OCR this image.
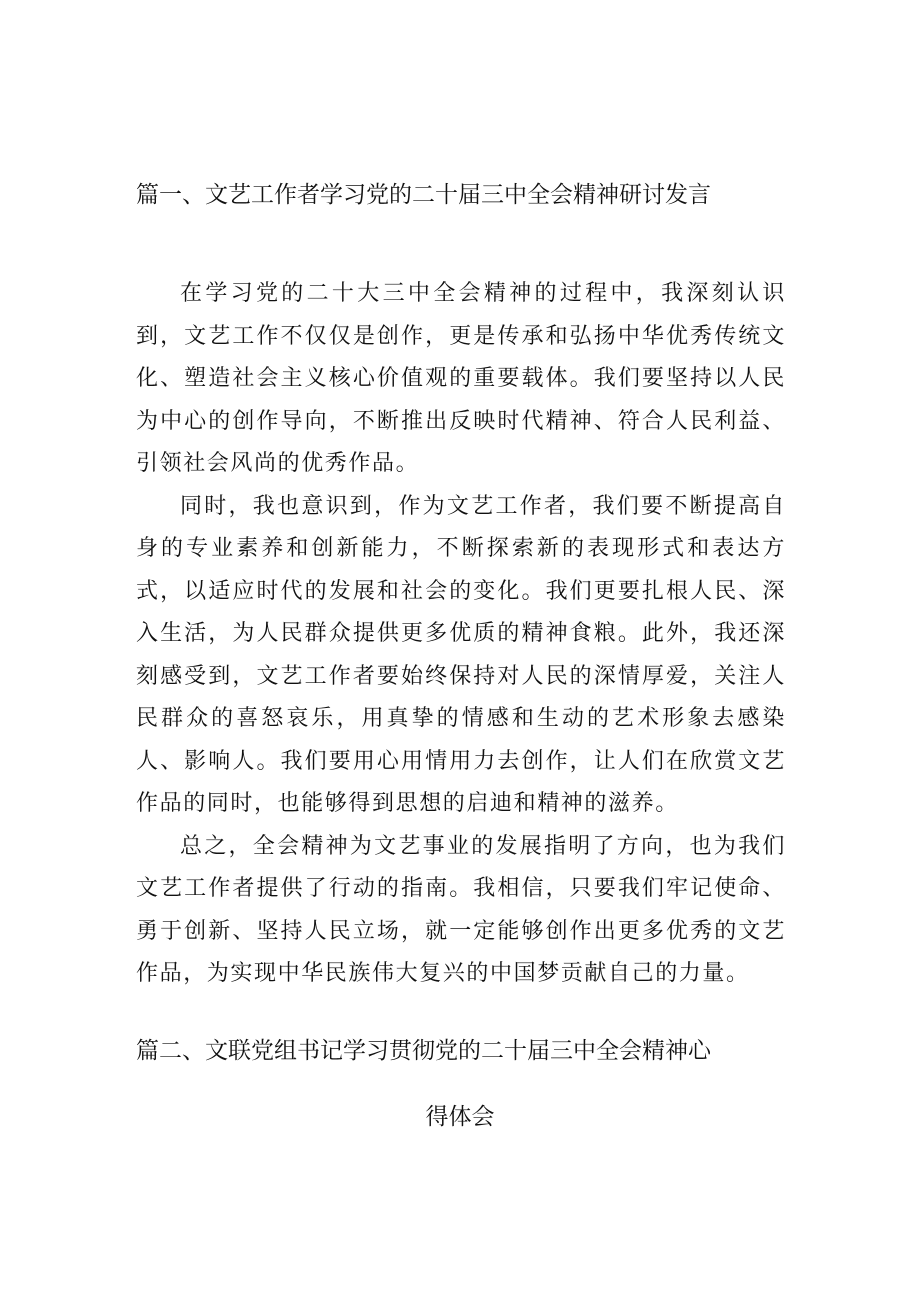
篇一、文艺工作者学习党的二十届三中全会精神研讨发言

在学习党的二十大三中全会精神的过程中，我深刻认识到，文艺工作不仅仅是创作，更是传承和弘扬中华优秀传统文化、塑造社会主义核心价值观的重要载体。我们要坚持以人民为中心的创作导向，不断推出反映时代精神、符合人民利益、引领社会风尚的优秀作品。

同时，我也意识到，作为文艺工作者，我们要不断提高自身的专业素养和创新能力，不断探索新的表现形式和表达方式，以适应时代的发展和社会的变化。我们更要扎根人民、深入生活，为人民群众提供更多优质的精神食粮。此外，我还深刻感受到，文艺工作者要始终保持对人民的深情厚爱，关注人民群众的喜怒哀乐，用真挚的情感和生动的艺术形象去感染人、影响人。我们要用心用情用力去创作，让人们在欣赏文艺作品的同时，也能够得到思想的启迪和精神的滋养。

总之，全会精神为文艺事业的发展指明了方向，也为我们文艺工作者提供了行动的指南。我相信，只要我们牢记使命、勇于创新、坚持人民立场，就一定能够创作出更多优秀的文艺作品，为实现中华民族伟大复兴的中国梦贡献自己的力量。

篇二、文联党组书记学习贯彻党的二十届三中全会精神心
得体会
